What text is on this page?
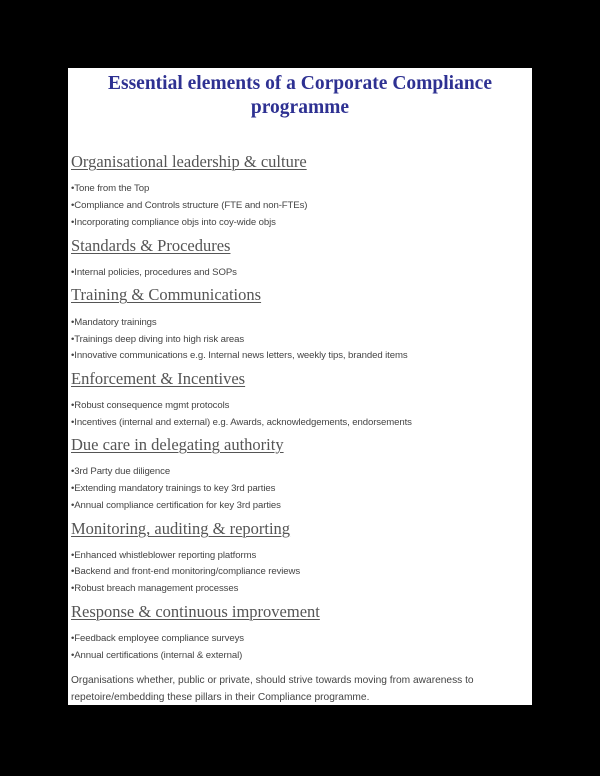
Essential elements of a Corporate Compliance
programme
Organisational leadership & culture
•Tone from the Top
•Compliance and Controls structure (FTE and non-FTEs)
•Incorporating compliance objs into coy-wide objs
Standards & Procedures
•Internal policies, procedures and SOPs
Training & Communications
•Mandatory trainings
•Trainings deep diving into high risk areas
•Innovative communications e.g. Internal news letters, weekly tips, branded items
Enforcement & Incentives
•Robust consequence mgmt protocols
•Incentives (internal and external) e.g. Awards, acknowledgements, endorsements
Due care in delegating authority
•3rd Party due diligence
•Extending mandatory trainings to key 3rd parties
•Annual compliance certification for key 3rd parties
Monitoring, auditing & reporting
•Enhanced whistleblower reporting platforms
•Backend and front-end monitoring/compliance reviews
•Robust breach management processes
Response & continuous improvement
•Feedback employee compliance surveys
•Annual certifications (internal & external)
Organisations whether, public or private, should strive towards moving from awareness to repetoire/embedding these pillars in their Compliance programme.
